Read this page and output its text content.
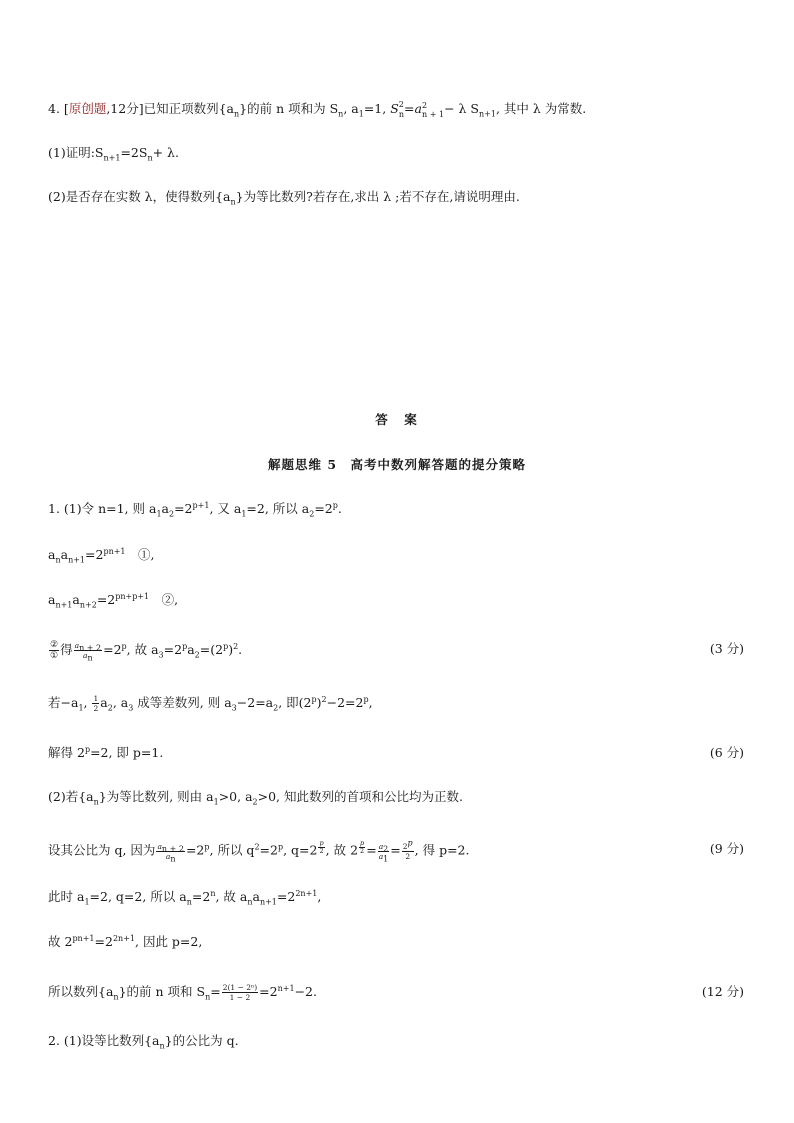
4. [原创题,12分]已知正项数列$\{a_n\}$的前 n 项和为 $S_n$, $a_1=1$, $S^2_n=a^2_{n + 1}- \lambda$ $S_{n+1}$, 其中 λ 为常数.
(1)证明$:S_{n+1}=2S_n+ \lambda$.
(2)是否存在实数 λ，使得数列$\{a_n\}$为等比数列?若存在,求出 λ ;若不存在,请说明理由.
答　案
解题思维 5　高考中数列解答题的提分策略
1. (1)令 n=1, 则 $a_1a_2=2^{p+1}$, 又 $a_1=2$, 所以 $a_2=2^p$.
$a_na_{n+1}=2^{pn+1}$　①,
$a_{n+1}a_{n+2}=2^{pn+p+1}$　②,
$\frac{\text{②}}{\text{①}}$ 得 $\frac{a_{n + 2}}{a_n} =2^p$, 故 $a_3=2^pa_2=(2^p)^2$.	(3 分)
若$-a_1$, $\frac{1}{2} a_2$, $a_3$ 成等差数列, 则 $a_3-2=a_2$, 即$(2^p)^2-2=2^p$,
解得 $2^p=2$, 即 p=1.	(6 分)
(2)若$\{a_n\}$为等比数列, 则由 $a_1>0$, $a_2>0$, 知此数列的首项和公比均为正数.
设其公比为 q, 因为 $\frac{a_{n + 2}}{a_n} =2^p$, 所以 $q^2=2^p$, q=2 $^{\frac{p}{2}}$ , 故 2 $^{\frac{p}{2}} = \frac{a_2}{a_1} = \frac{2^p}{2}$ , 得 p=2.	(9 分)
此时 $a_1=2$, q=2, 所以 $a_n=2^n$, 故 $a_na_{n+1}=2^{2n+1}$,
故 $2^{pn+1}=2^{2n+1}$, 因此 p=2,
所以数列$\{a_n\}$的前 n 项和 $S_n= \frac{\text{2(1 − 2ⁿ)}}{1 - 2} =2^{n+1}-2$.	(12 分)
2. (1)设等比数列$\{a_n\}$的公比为 q.
